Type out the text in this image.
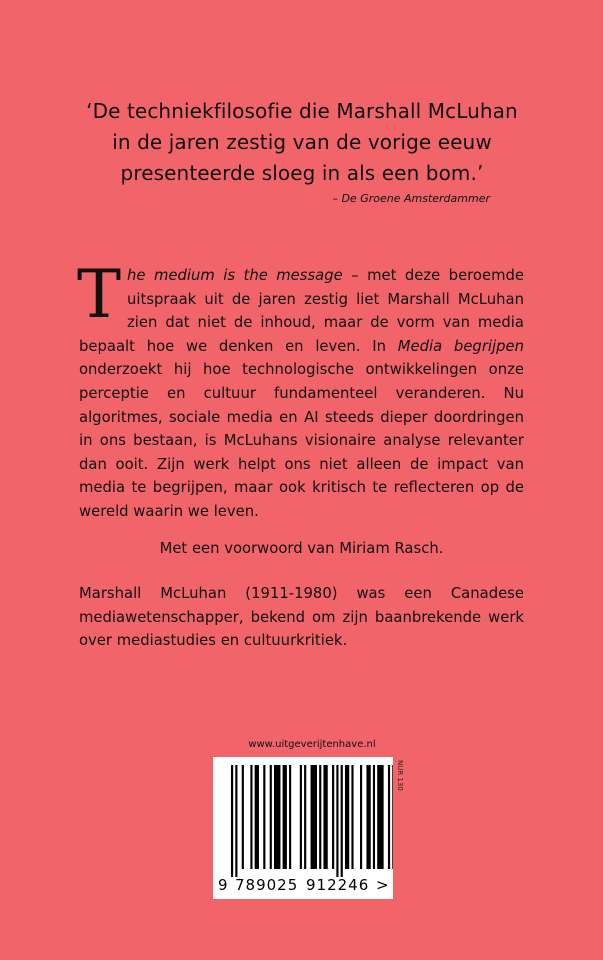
‘De techniekfilosofie die Marshall McLuhan
in de jaren zestig van de vorige eeuw
presenteerde sloeg in als een bom.’
– De Groene Amsterdammer

The medium is the message – met deze beroemde uitspraak uit de jaren zestig liet Marshall McLuhan zien dat niet de inhoud, maar de vorm van media bepaalt hoe we denken en leven. In Media begrijpen onderzoekt hij hoe technologische ontwikkelingen onze perceptie en cultuur fundamenteel veranderen. Nu algoritmes, sociale media en AI steeds dieper doordringen in ons bestaan, is McLuhans visionaire analyse relevanter dan ooit. Zijn werk helpt ons niet alleen de impact van media te begrijpen, maar ook kritisch te reflecteren op de wereld waarin we leven.

Met een voorwoord van Miriam Rasch.

Marshall McLuhan (1911-1980) was een Canadese mediawetenschapper, bekend om zijn baanbrekende werk over mediastudies en cultuurkritiek.

www.uitgeverijtenhave.nl
9 789025 912246 >
NUR 130
